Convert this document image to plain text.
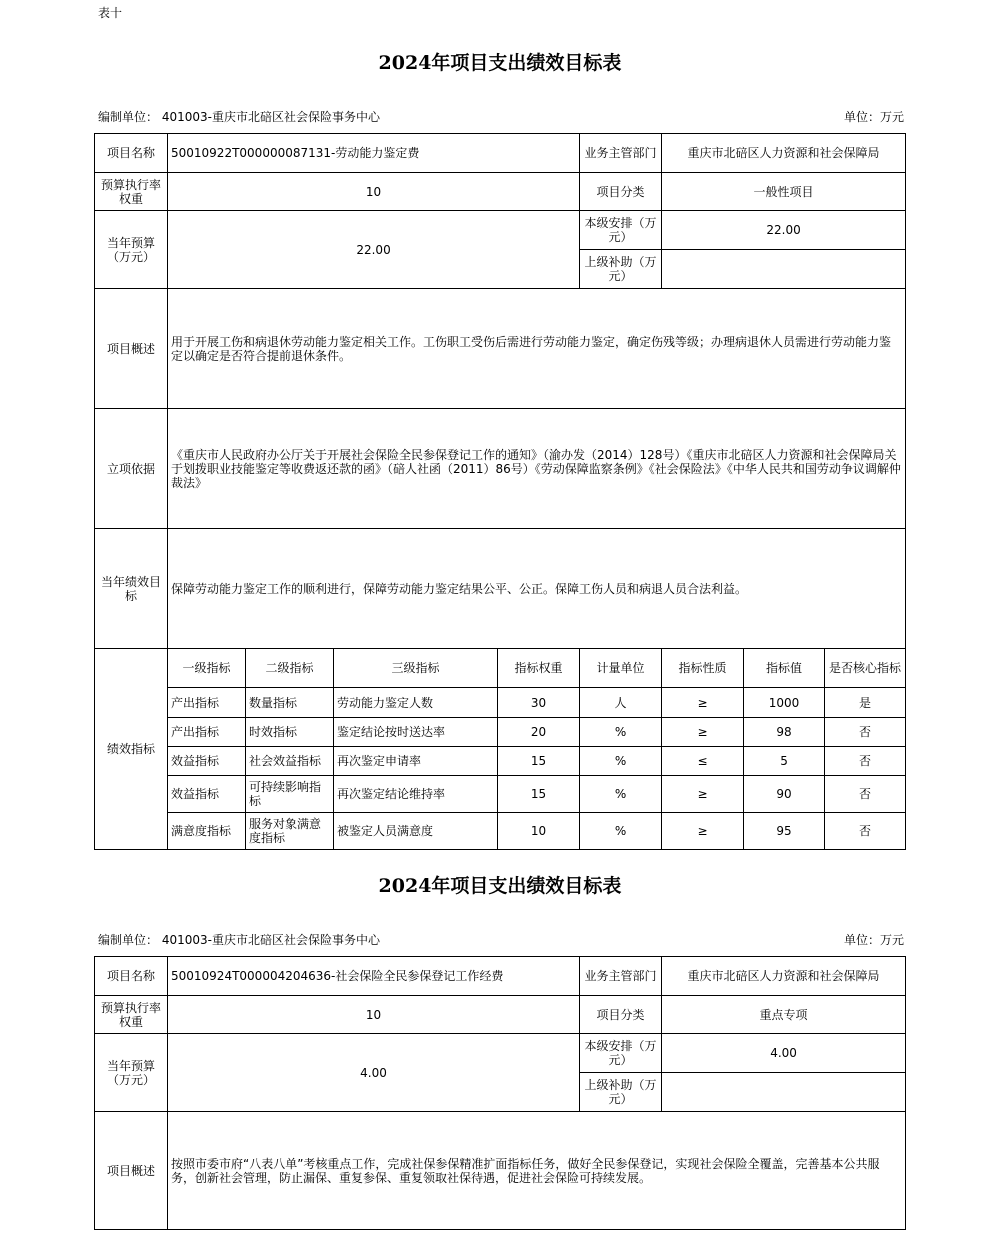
表十
2024年项目支出绩效目标表
编制单位： 401003-重庆市北碚区社会保险事务中心	单位：万元
项目名称	50010922T000000087131-劳动能力鉴定费				业务主管部门	重庆市北碚区人力资源和社会保障局		
预算执行率权重	10				项目分类	一般性项目		
当年预算（万元）	22.00				本级安排（万元）	22.00		
					上级补助（万元）			
项目概述	用于开展工伤和病退休劳动能力鉴定相关工作。工伤职工受伤后需进行劳动能力鉴定，确定伤残等级；办理病退休人员需进行劳动能力鉴定以确定是否符合提前退休条件。							
立项依据	《重庆市人民政府办公厅关于开展社会保险全民参保登记工作的通知》（渝办发（2014）128号）《重庆市北碚区人力资源和社会保障局关于划拨职业技能鉴定等收费返还款的函》（碚人社函（2011）86号）《劳动保障监察条例》《社会保险法》《中华人民共和国劳动争议调解仲裁法》							
当年绩效目标	保障劳动能力鉴定工作的顺利进行，保障劳动能力鉴定结果公平、公正。保障工伤人员和病退人员合法利益。							
绩效指标	一级指标	二级指标	三级指标	指标权重	计量单位	指标性质	指标值	是否核心指标
	产出指标	数量指标	劳动能力鉴定人数	30	人	≥	1000	是
	产出指标	时效指标	鉴定结论按时送达率	20	%	≥	98	否
	效益指标	社会效益指标	再次鉴定申请率	15	%	≤	5	否
	效益指标	可持续影响指标	再次鉴定结论维持率	15	%	≥	90	否
	满意度指标	服务对象满意度指标	被鉴定人员满意度	10	%	≥	95	否
2024年项目支出绩效目标表
编制单位： 401003-重庆市北碚区社会保险事务中心	单位：万元
项目名称	50010924T000004204636-社会保险全民参保登记工作经费	业务主管部门	重庆市北碚区人力资源和社会保障局
预算执行率权重	10	项目分类	重点专项
当年预算（万元）	4.00	本级安排（万元）	4.00
		上级补助（万元）	
项目概述	按照市委市府“八表八单”考核重点工作，完成社保参保精准扩面指标任务，做好全民参保登记，实现社会保险全覆盖，完善基本公共服务，创新社会管理，防止漏保、重复参保、重复领取社保待遇，促进社会保险可持续发展。		
